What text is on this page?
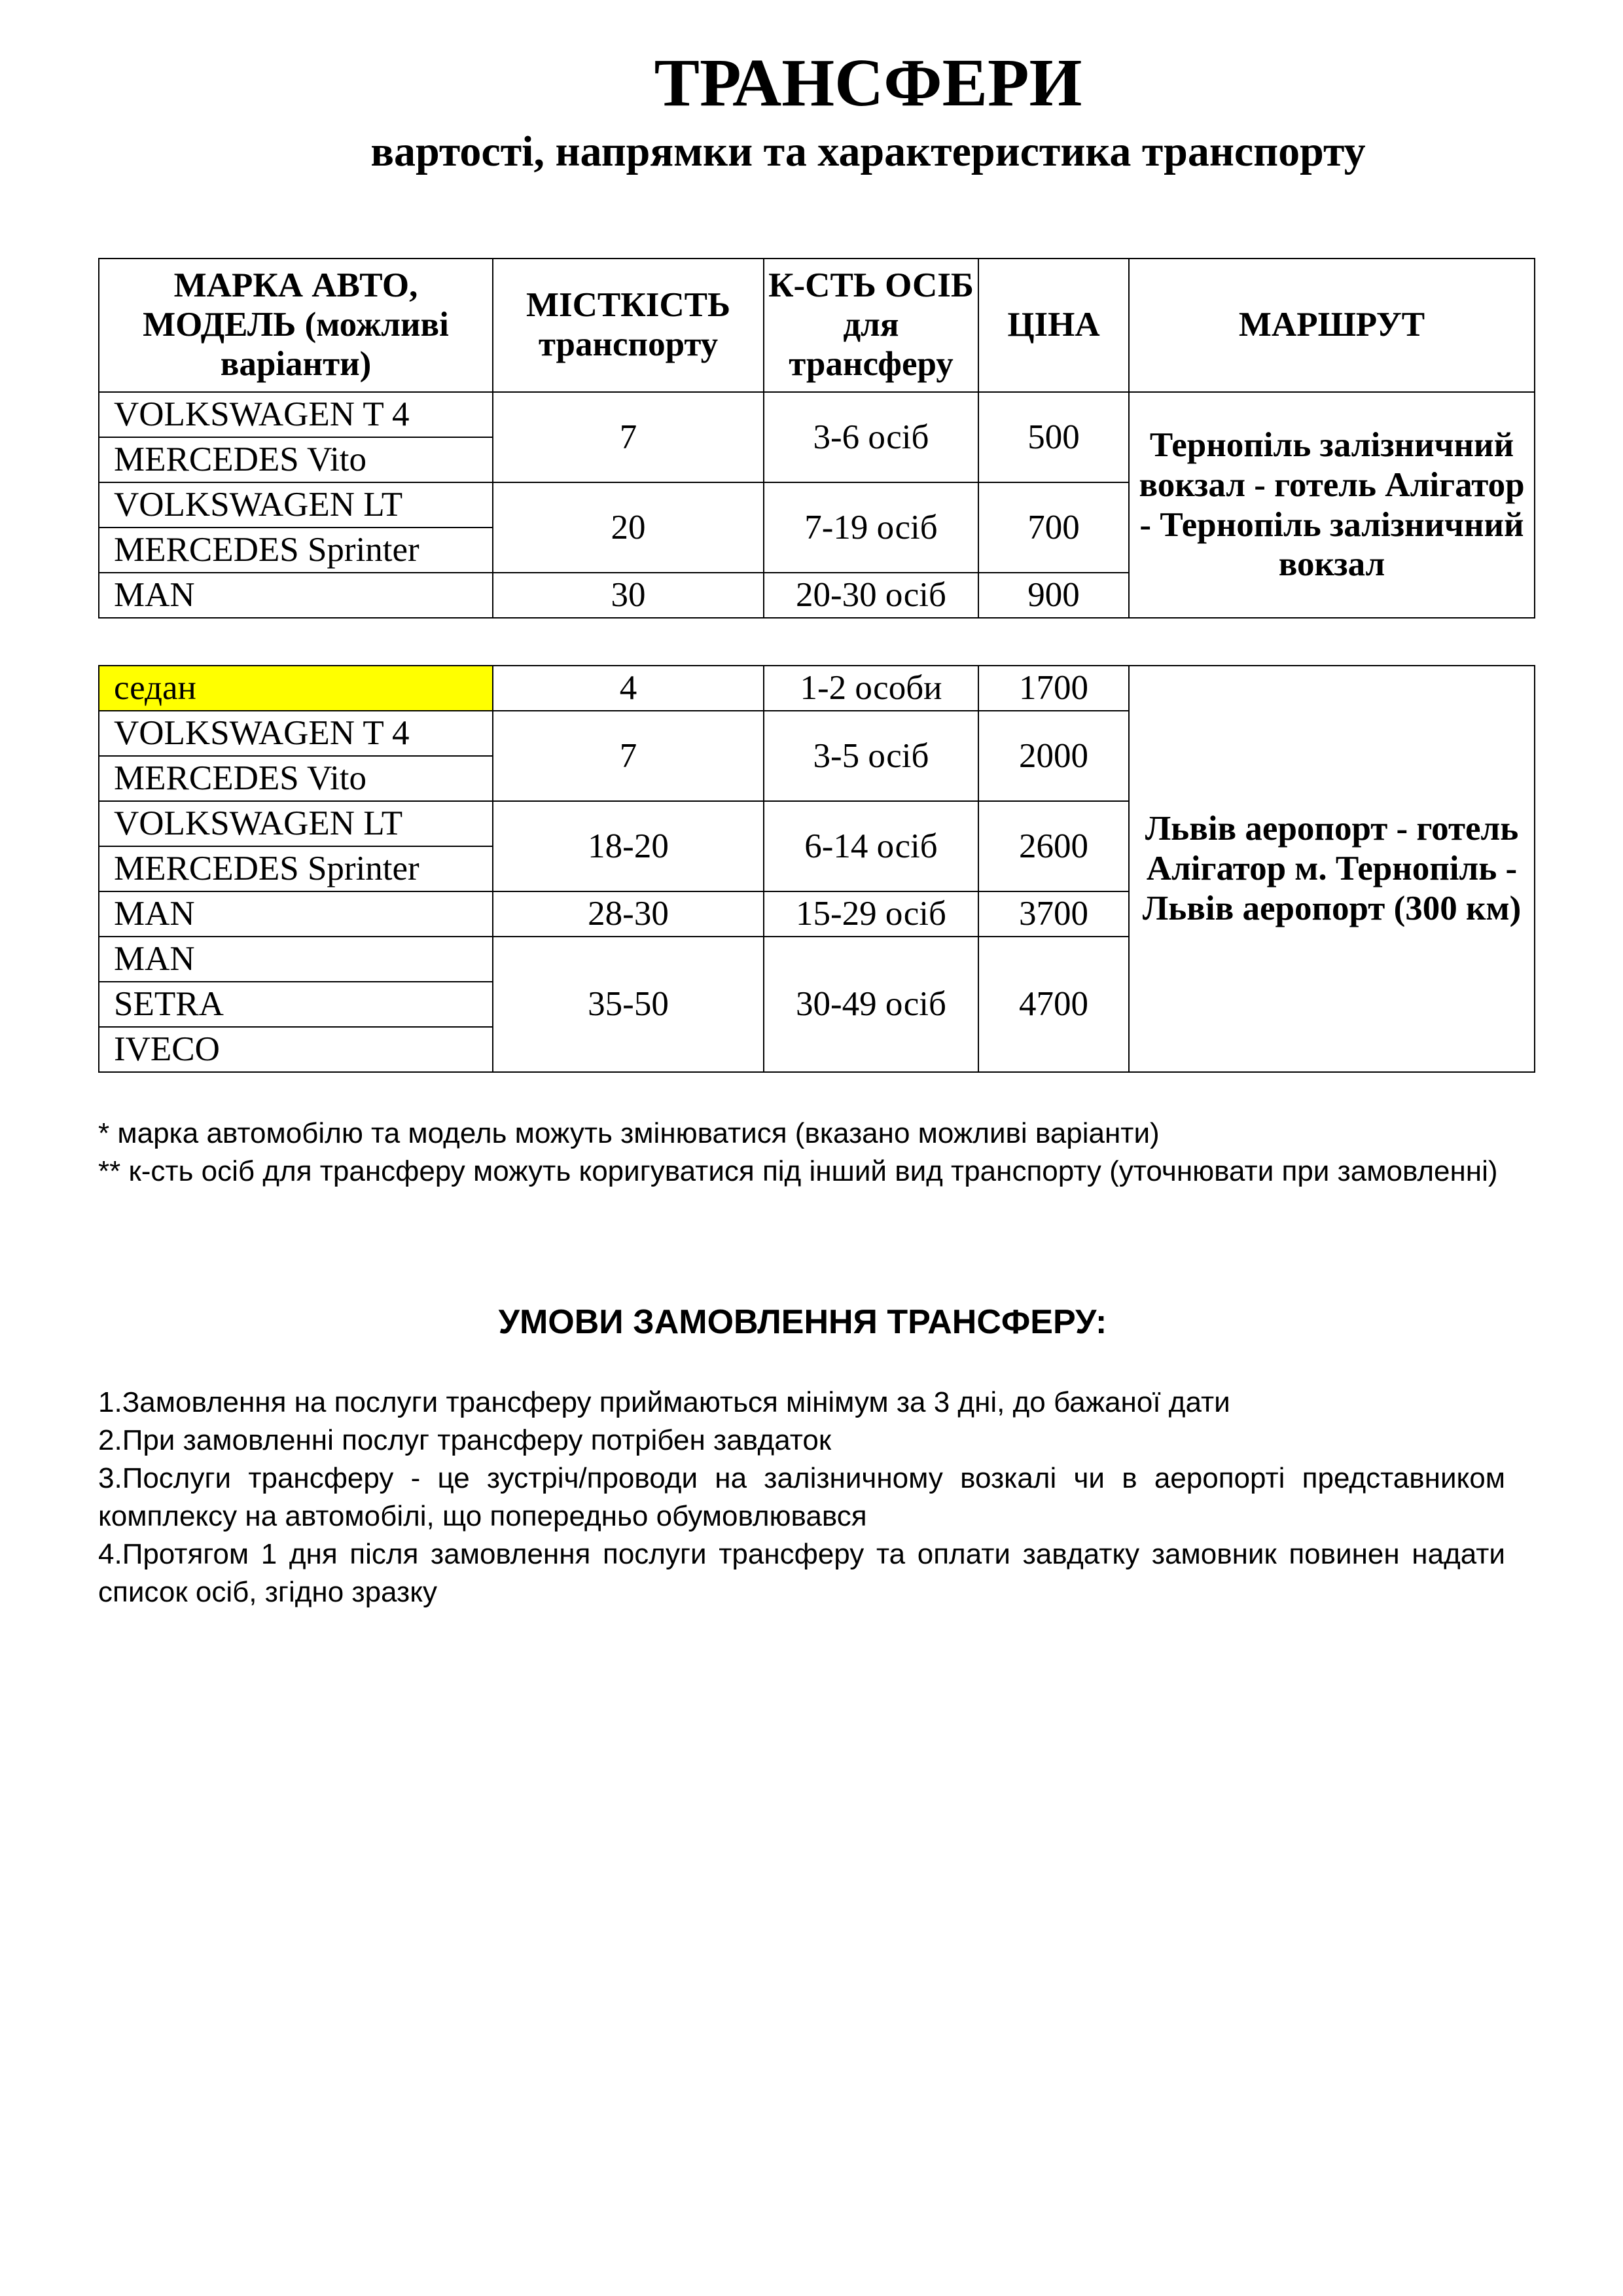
ТРАНСФЕРИ
вартості, напрямки та характеристика транспорту
МАРКА АВТО, МОДЕЛЬ (можливі варіанти)	МІСТКІСТЬ транспорту	К-СТЬ ОСІБ для трансферу	ЦІНА	МАРШРУТ
VOLKSWAGEN T 4	7	3-6 осіб	500	Тернопіль залізничний вокзал - готель Алігатор - Тернопіль залізничний вокзал
MERCEDES Vito				
VOLKSWAGEN LT	20	7-19 осіб	700	
MERCEDES Sprinter				
MAN	30	20-30 осіб	900	
седан	4	1-2 особи	1700	Львів аеропорт - готель Алігатор м. Тернопіль - Львів аеропорт (300 км)
VOLKSWAGEN T 4	7	3-5 осіб	2000	
MERCEDES Vito				
VOLKSWAGEN LT	18-20	6-14 осіб	2600	
MERCEDES Sprinter				
MAN	28-30	15-29 осіб	3700	
MAN	35-50	30-49 осіб	4700	
SETRA				
IVECO				
* марка автомобілю та модель можуть змінюватися (вказано можливі варіанти)
** к-сть осіб для трансферу можуть коригуватися під інший вид транспорту (уточнювати при замовленні)
УМОВИ ЗАМОВЛЕННЯ ТРАНСФЕРУ:
1.Замовлення на послуги трансферу приймаються мінімум за 3 дні, до бажаної дати
2.При замовленні послуг трансферу потрібен завдаток
3.Послуги трансферу - це зустріч/проводи на залізничному возкалі чи в аеропорті представником комплексу на автомобілі, що попередньо обумовлювався
4.Протягом 1 дня після замовлення послуги трансферу та оплати завдатку замовник повинен надати список осіб, згідно зразку
